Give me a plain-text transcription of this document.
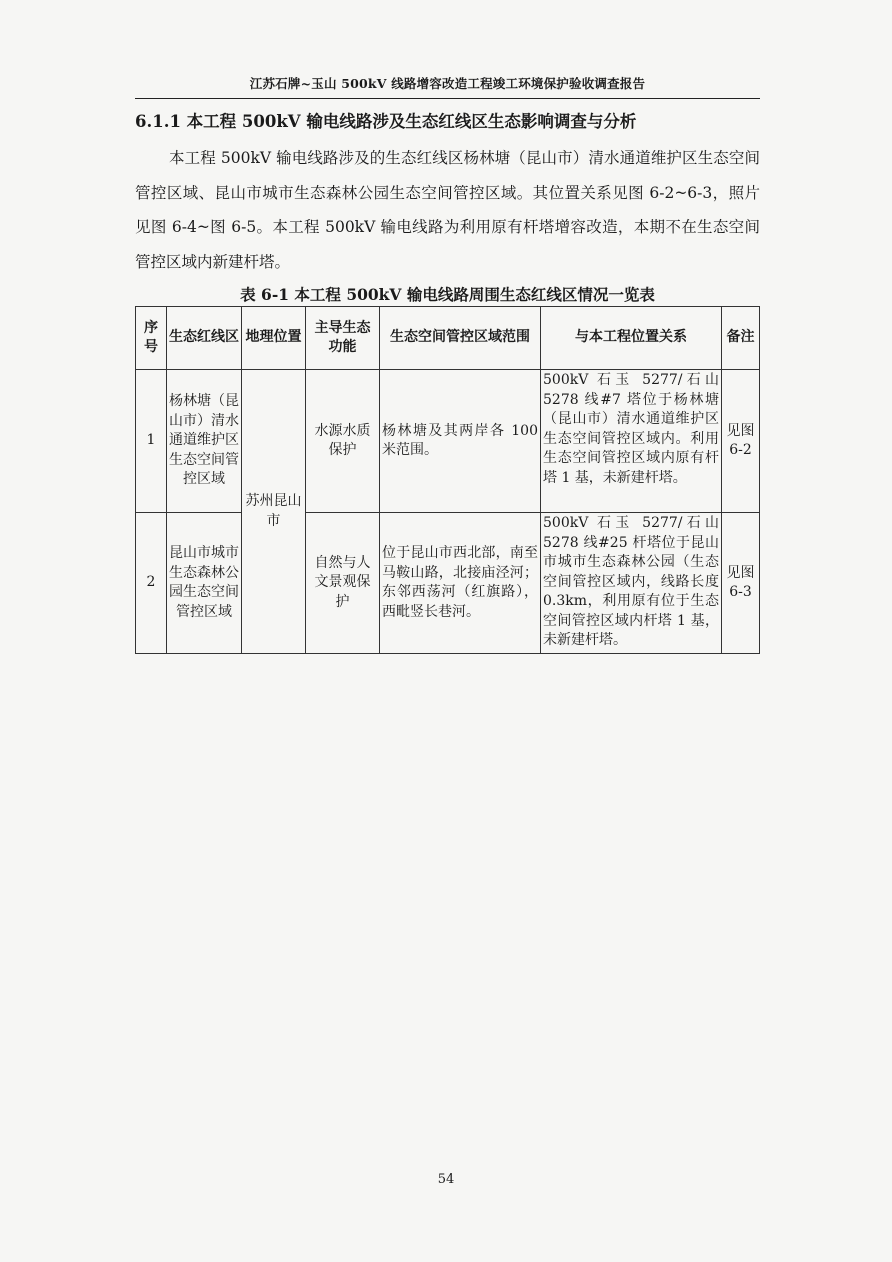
江苏石牌~玉山 500kV 线路增容改造工程竣工环境保护验收调查报告
6.1.1 本工程 500kV 输电线路涉及生态红线区生态影响调查与分析

本工程 500kV 输电线路涉及的生态红线区杨林塘（昆山市）清水通道维护区生态空间管控区域、昆山市城市生态森林公园生态空间管控区域。其位置关系见图 6-2~6-3，照片见图 6-4~图 6-5。本工程 500kV 输电线路为利用原有杆塔增容改造，本期不在生态空间管控区域内新建杆塔。

表 6-1 本工程 500kV 输电线路周围生态红线区情况一览表
序号	生态红线区	地理位置	主导生态功能	生态空间管控区域范围	与本工程位置关系	备注
1	杨林塘（昆山市）清水通道维护区生态空间管控区域	苏州昆山市	水源水质保护	杨林塘及其两岸各 100 米范围。	500kV 石玉 5277/石山 5278 线#7 塔位于杨林塘（昆山市）清水通道维护区生态空间管控区域内。利用生态空间管控区域内原有杆塔 1 基，未新建杆塔。	见图 6-2
2	昆山市城市生态森林公园生态空间管控区域		自然与人文景观保护	位于昆山市西北部，南至马鞍山路，北接庙泾河；东邻西荡河（红旗路），西毗竖长巷河。	500kV 石玉 5277/石山 5278 线#25 杆塔位于昆山市城市生态森林公园（生态空间管控区域内，线路长度 0.3km，利用原有位于生态空间管控区域内杆塔 1 基，未新建杆塔。	见图 6-3
54
